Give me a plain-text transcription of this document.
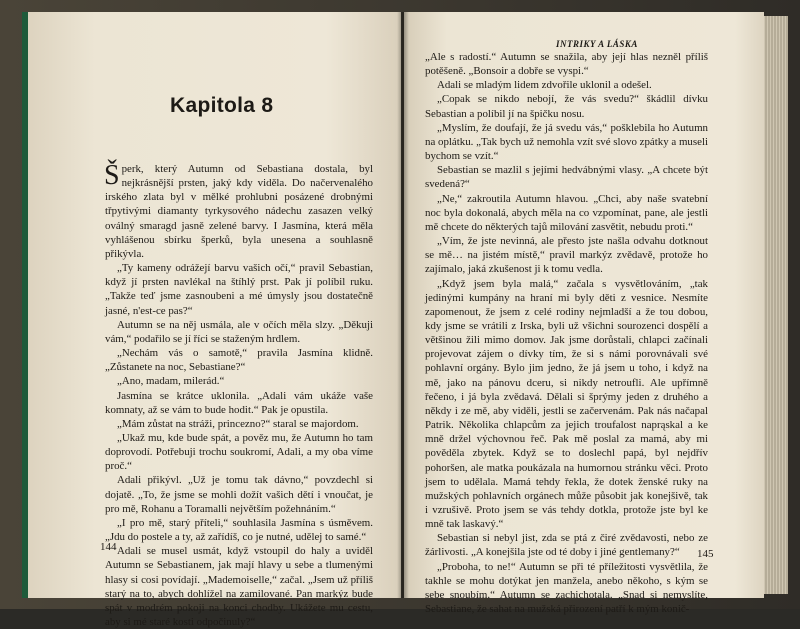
Kapitola 8

Šperk, který Autumn od Sebastiana dostala, byl nejkrásnější prsten, jaký kdy viděla. Do načervenalého irského zlata byl v mělké prohlubni posázené drobnými třpytivými diamanty tyrkysového nádechu zasazen velký oválný smaragd jasně zelené barvy. I Jasmína, která měla vyhlášenou sbírku šperků, byla unesena a souhlasně přikývla.

„Ty kameny odrážejí barvu vašich očí,“ pravil Sebastian, když jí prsten navlékal na štíhlý prst. Pak jí políbil ruku. „Takže teď jsme zasnoubeni a mé úmysly jsou dostatečně jasné, n'est-ce pas?“

Autumn se na něj usmála, ale v očích měla slzy. „Děkuji vám,“ podařilo se jí říci se staženým hrdlem.

„Nechám vás o samotě,“ pravila Jasmína klidně. „Zůstanete na noc, Sebastiane?“

„Ano, madam, milerád.“

Jasmína se krátce uklonila. „Adali vám ukáže vaše komnaty, až se vám to bude hodit.“ Pak je opustila.

„Mám zůstat na stráži, princezno?“ staral se majordom.

„Ukaž mu, kde bude spát, a pověz mu, že Autumn ho tam doprovodí. Potřebuji trochu soukromí, Adali, a my oba víme proč.“

Adali přikývl. „Už je tomu tak dávno,“ povzdechl si dojatě. „To, že jsme se mohli dožít vašich dětí i vnoučat, je pro mě, Rohanu a Toramalli největším požehnáním.“

„I pro mě, starý příteli,“ souhlasila Jasmína s úsměvem. „Jdu do postele a ty, až zařídíš, co je nutné, udělej to samé.“

Adali se musel usmát, když vstoupil do haly a uviděl Autumn se Sebastianem, jak mají hlavy u sebe a tlumenými hlasy si cosi povídají. „Mademoiselle,“ začal. „Jsem už příliš starý na to, abych dohlížel na zamilované. Pan markýz bude spát v modrém pokoji na konci chodby. Ukážete mu cestu, aby si mé staré kosti odpočinuly?“

144
INTRIKY A LÁSKA

„Ale s radostí.“ Autumn se snažila, aby její hlas nezněl příliš potěšeně. „Bonsoir a dobře se vyspi.“

Adali se mladým lidem zdvořile uklonil a odešel.

„Copak se nikdo nebojí, že vás svedu?“ škádlil dívku Sebastian a políbil jí na špičku nosu.

„Myslím, že doufají, že já svedu vás,“ pošklebila ho Autumn na oplátku. „Tak bych už nemohla vzít své slovo zpátky a museli bychom se vzít.“

Sebastian se mazlil s jejími hedvábnými vlasy. „A chcete být svedená?“

„Ne,“ zakroutila Autumn hlavou. „Chci, aby naše svatební noc byla dokonalá, abych měla na co vzpomínat, pane, ale jestli mě chcete do některých tajů milování zasvětit, nebudu proti.“

„Vím, že jste nevinná, ale přesto jste našla odvahu dotknout se mě… na jistém místě,“ pravil markýz zvědavě, protože ho zajímalo, jaká zkušenost ji k tomu vedla.

„Když jsem byla malá,“ začala s vysvětlováním, „tak jedinými kumpány na hraní mi byly děti z vesnice. Nesmíte zapomenout, že jsem z celé rodiny nejmladší a že tou dobou, kdy jsme se vrátili z Irska, byli už všichni sourozenci dospělí a většinou žili mimo domov. Jak jsme dorůstali, chlapci začínali projevovat zájem o dívky tím, že si s námi porovnávali své pohlavní orgány. Bylo jim jedno, že já jsem u toho, i když na mě, jako na pánovu dceru, si nikdy netroufli. Ale upřímně řečeno, i já byla zvědavá. Dělali si šprýmy jeden z druhého a někdy i ze mě, aby viděli, jestli se začervenám. Pak nás načapal Patrik. Několika chlapcům za jejich troufalost naprąskal a ke mně držel výchovnou řeč. Pak mě poslal za mamá, aby mi pověděla zbytek. Když se to doslechl papá, byl nejdřív pohoršen, ale matka poukázala na humornou stránku věci. Proto jsem to udělala. Mamá tehdy řekla, že dotek ženské ruky na mužských pohlavních orgánech může působit jak konejšivě, tak i vzrušivě. Proto jsem se vás tehdy dotkla, protože jste byl ke mně tak laskavý.“

Sebastian si nebyl jist, zda se ptá z čiré zvědavosti, nebo ze žárlivosti. „A konejšila jste od té doby i jiné gentlemany?“

„Proboha, to ne!“ Autumn se při té příležitosti vysvětlila, že takhle se mohu dotýkat jen manžela, anebo někoho, s kým se sebe snoubím.“ Autumn se zachichotala. „Snad si nemyslíte, Sebastiane, že sahat na mužská přirození patří k mým konič-

145
